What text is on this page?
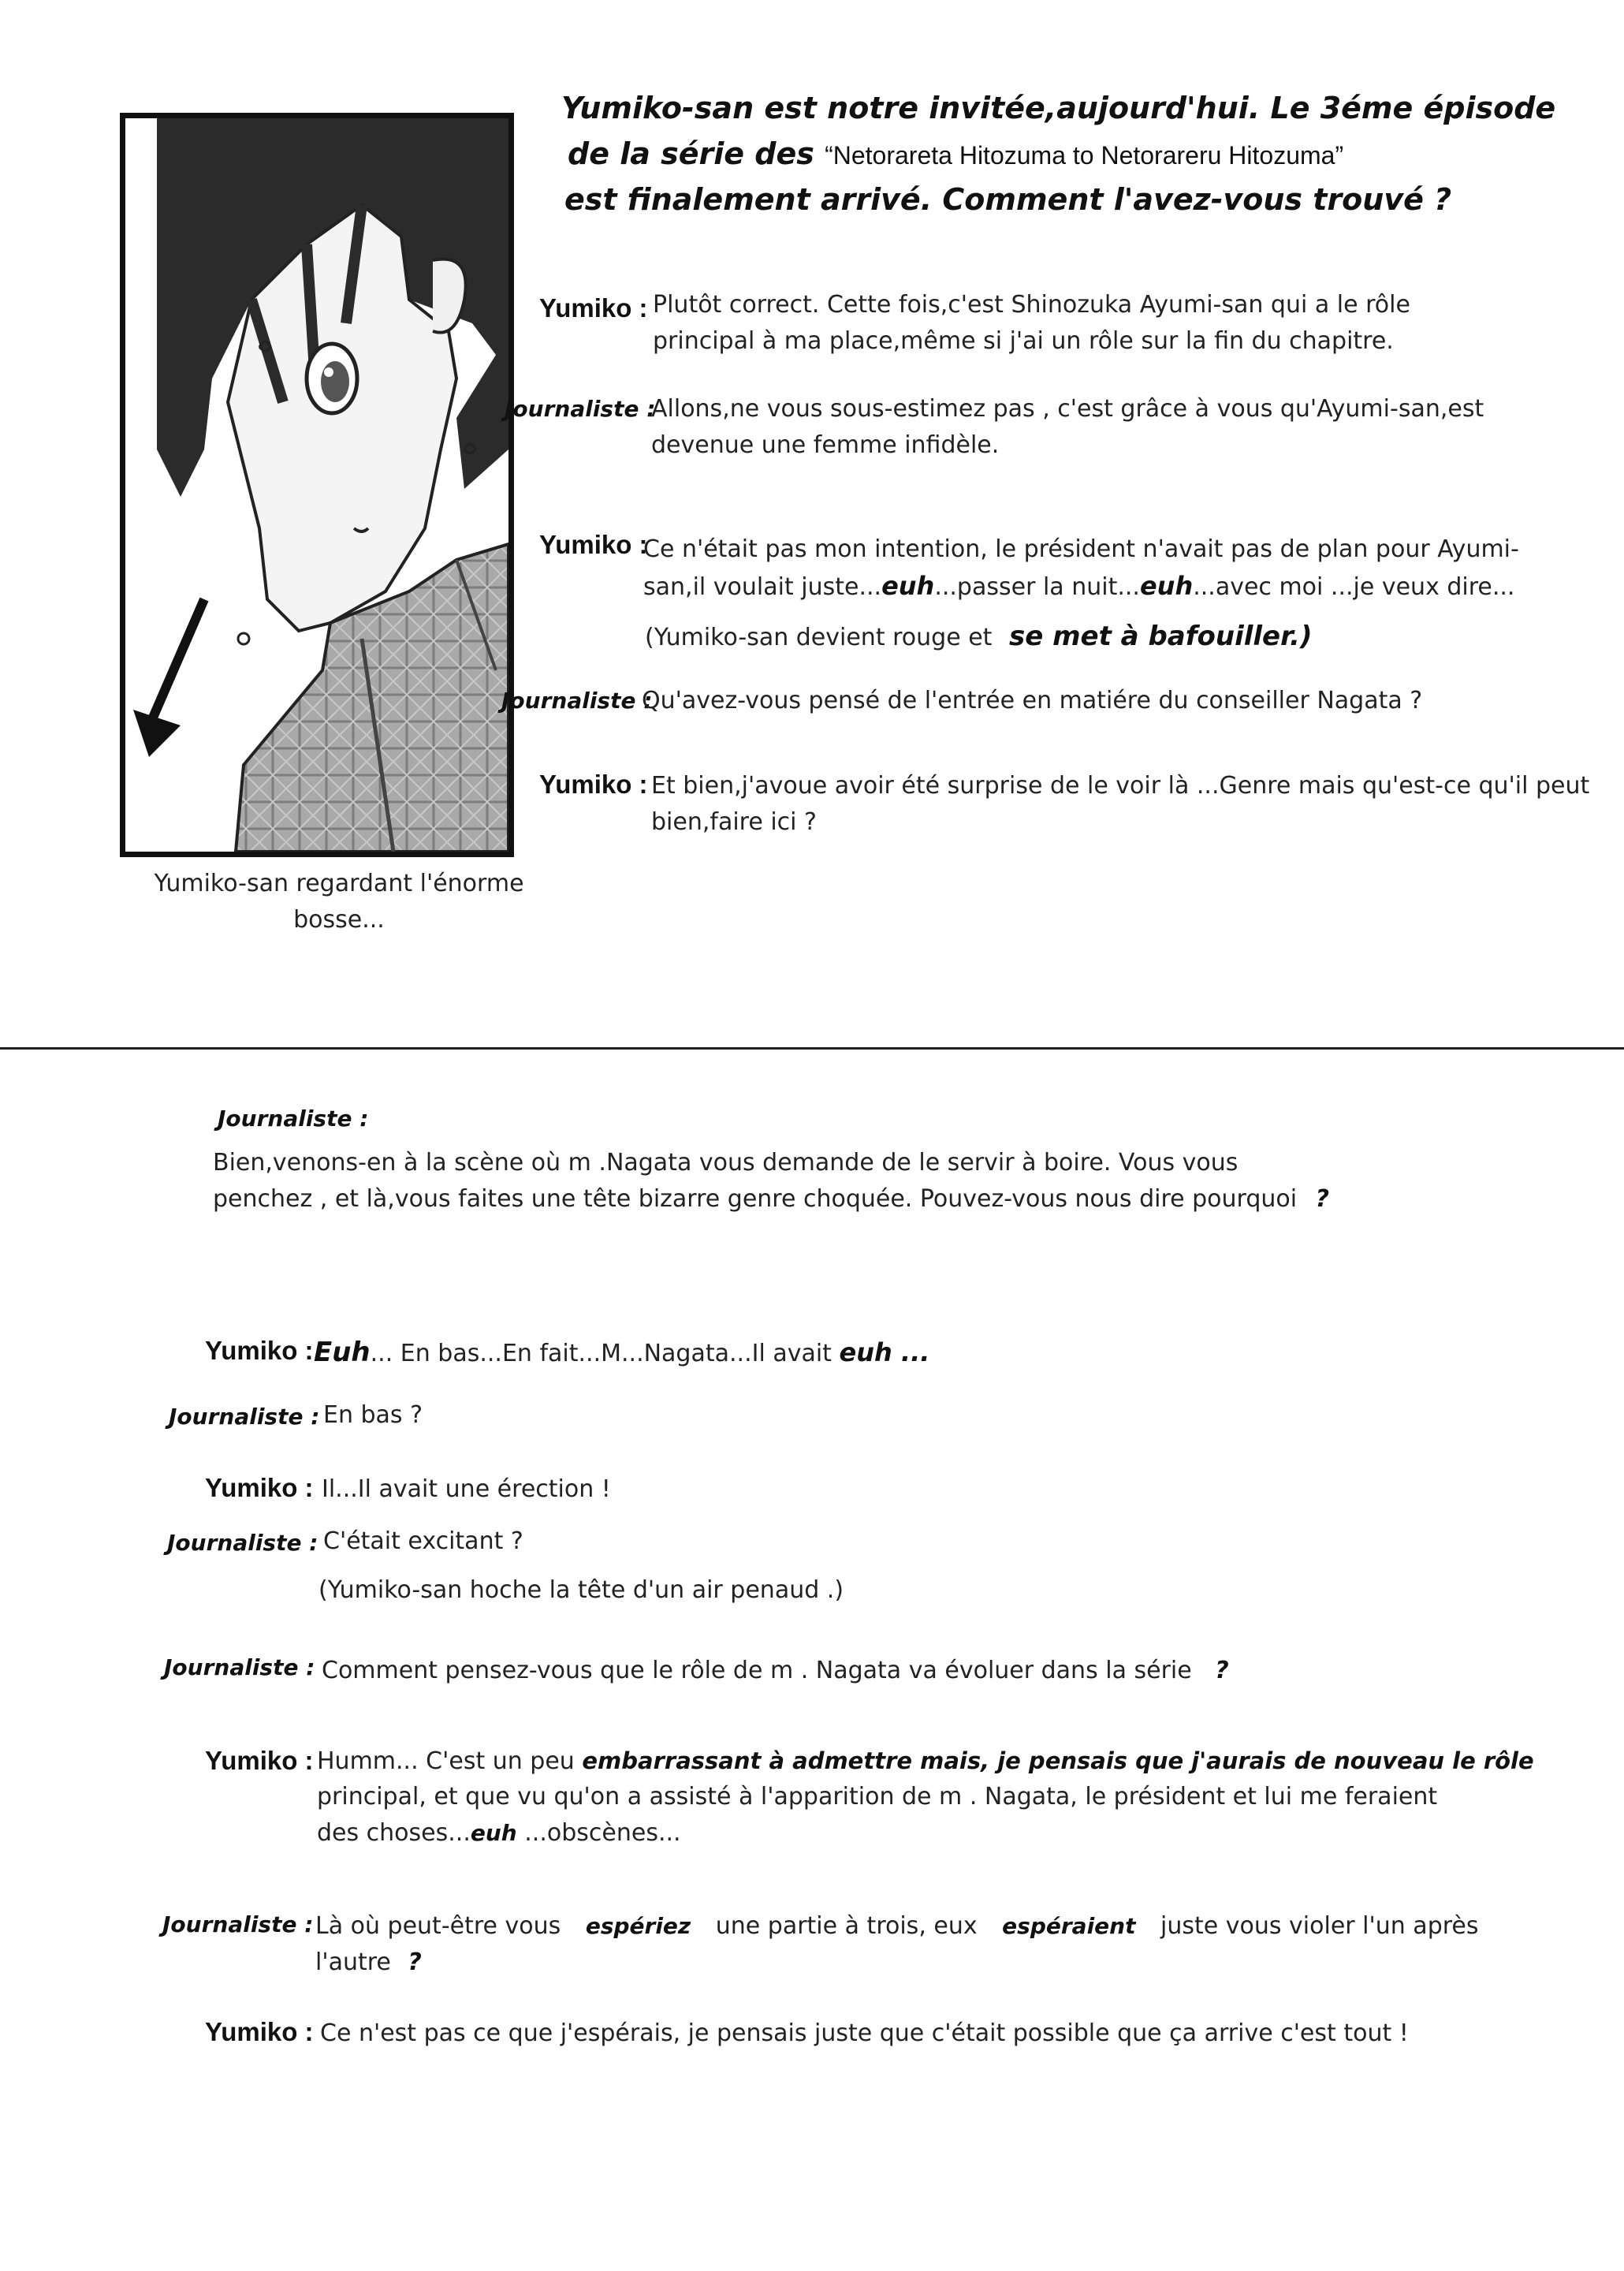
Yumiko-san regardant l'énorme
bosse...
Yumiko-san est notre invitée,aujourd'hui. Le 3éme épisode
de la série des “Netorareta Hitozuma to Netorareru Hitozuma”
est finalement arrivé. Comment l'avez-vous trouvé ?
Yumiko : Plutôt correct. Cette fois,c'est Shinozuka Ayumi-san qui a le rôle
principal à ma place,même si j'ai un rôle sur la fin du chapitre.
Journaliste :
Allons,ne vous sous-estimez pas , c'est grâce à vous qu'Ayumi-san,est
devenue une femme infidèle.
Yumiko :
Ce n'était pas mon intention, le président n'avait pas de plan pour Ayumi-
san,il voulait juste...euh...passer la nuit...euh...avec moi ...je veux dire...
(Yumiko-san devient rouge et se met à bafouiller.)
Journaliste :
Qu'avez-vous pensé de l'entrée en matiére du conseiller Nagata ?
Yumiko : Et bien,j'avoue avoir été surprise de le voir là ...Genre mais qu'est-ce qu'il peut
bien,faire ici ?
Journaliste :
Bien,venons-en à la scène où m .Nagata vous demande de le servir à boire. Vous vous
penchez , et là,vous faites une tête bizarre genre choquée. Pouvez-vous nous dire pourquoi ?
Yumiko : Euh... En bas...En fait...M...Nagata...Il avait euh ...
Journaliste : En bas ?
Yumiko : Il...Il avait une érection !
Journaliste : C'était excitant ?
(Yumiko-san hoche la tête d'un air penaud .)
Journaliste : Comment pensez-vous que le rôle de m . Nagata va évoluer dans la série ?
Yumiko : Humm... C'est un peu embarrassant à admettre mais, je pensais que j'aurais de nouveau le rôle
principal, et que vu qu'on a assisté à l'apparition de m . Nagata, le président et lui me feraient
des choses...euh ...obscènes...
Journaliste : Là où peut-être vous espériez une partie à trois, eux espéraient juste vous violer l'un après
l'autre ?
Yumiko : Ce n'est pas ce que j'espérais, je pensais juste que c'était possible que ça arrive c'est tout !
